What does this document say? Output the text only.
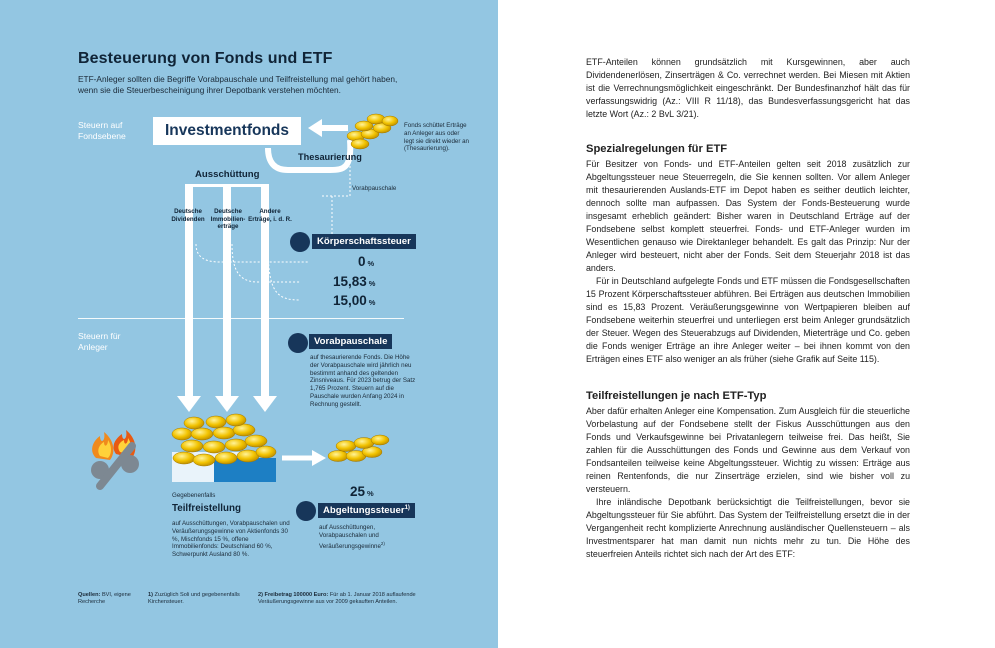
Besteuerung von Fonds und ETF
ETF-Anleger sollten die Begriffe Vorabpauschale und Teilfreistellung mal gehört haben, wenn sie die Steuerbescheinigung ihrer Depotbank verstehen möchten.
Steuern auf Fondsebene
Steuern für Anleger
Investmentfonds	Fonds schüttet Erträge an Anleger aus oder legt sie direkt wieder an (Thesaurierung).
Thesaurierung
Ausschüttung
Vorabpauschale
Deutsche Dividenden
Deutsche Immobilien-erträge
Andere Erträge, i. d. R.
Körperschaftssteuer
0 %
15,83 %
15,00 %
Vorabpauschale
auf thesaurierende Fonds. Die Höhe der Vorabpauschale wird jährlich neu bestimmt anhand des geltenden Zinsniveaus. Für 2023 betrug der Satz 1,765 Prozent. Steuern auf die Pauschale wurden Anfang 2024 in Rechnung gestellt.
Gegebenenfalls
Teilfreistellung
auf Ausschüttungen, Vorabpauschalen und Veräußerungsgewinne von Aktienfonds 30 %, Mischfonds 15 %, offene Immobilienfonds: Deutschland 60 %, Schwerpunkt Ausland 80 %.
25 %
Abgeltungssteuer$^{1)}$
auf Ausschüttungen, Vorabpauschalen und Veräußerungsgewinne$^{2)}$
Quellen: BVI, eigene Recherche
1) Zuzüglich Soli und gegebenenfalls Kirchensteuer.
2) Freibetrag 100000 Euro: Für ab 1. Januar 2018 auflaufende Veräußerungsgewinne aus vor 2009 gekauften Anteilen.

ETF-Anteilen können grundsätzlich mit Kursgewinnen, aber auch Dividendenerlösen, Zinserträgen & Co. verrechnet werden. Bei Miesen mit Aktien ist die Verrechnungsmöglichkeit eingeschränkt. Der Bundesfinanzhof hält das für verfassungswidrig (Az.: VIII R 11/18), das Bundesverfassungsgericht hat das letzte Wort (Az.: 2 BvL 3/21).

Spezialregelungen für ETF

Für Besitzer von Fonds- und ETF-Anteilen gelten seit 2018 zusätzlich zur Abgeltungssteuer neue Steuerregeln, die Sie kennen sollten. Vor allem Anleger mit thesaurierenden Auslands-ETF im Depot haben es seither deutlich leichter, dennoch sollte man aufpassen. Das System der Fonds-Besteuerung wurde insgesamt erheblich geändert: Bisher waren in Deutschland Erträge auf der Fondsebene selbst komplett steuerfrei. Fonds- und ETF-Anleger wurden im Wesentlichen genauso wie Direktanleger behandelt. Es galt das Prinzip: Nur der Anleger wird besteuert, nicht aber der Fonds. Seit dem Steuerjahr 2018 ist das anders.

Für in Deutschland aufgelegte Fonds und ETF müssen die Fondsgesellschaften 15 Prozent Körperschaftssteuer abführen. Bei Erträgen aus deutschen Immobilien sind es 15,83 Prozent. Veräußerungsgewinne von Wertpapieren bleiben auf Fondsebene weiterhin steuerfrei und unterliegen erst beim Anleger grundsätzlich der Steuer. Wegen des Steuerabzugs auf Dividenden, Mieterträge und Co. geben die Fonds weniger Erträge an ihre Anleger weiter – bei ihnen kommt von den Erträgen eines ETF also weniger an als früher (siehe Grafik auf Seite 115).

Teilfreistellungen je nach ETF-Typ

Aber dafür erhalten Anleger eine Kompensation. Zum Ausgleich für die steuerliche Vorbelastung auf der Fondsebene stellt der Fiskus Ausschüttungen aus den Fonds und Verkaufsgewinne bei Privatanlegern teilweise frei. Das heißt, Sie zahlen für die Ausschüttungen des Fonds und Gewinne aus dem Verkauf von Fondsanteilen teilweise keine Abgeltungssteuer. Wichtig zu wissen: Erträge aus reinen Rentenfonds, die nur Zinserträge erzielen, sind wie bisher voll zu versteuern.

Ihre inländische Depotbank berücksichtigt die Teilfreistellungen, bevor sie Abgeltungssteuer für Sie abführt. Das System der Teilfreistellung ersetzt die in der Vergangenheit recht komplizierte Anrechnung ausländischer Quellensteuern – als Investmentsparer hat man damit nun nichts mehr zu tun. Die Höhe des steuerfreien Anteils richtet sich nach der Art des ETF:
